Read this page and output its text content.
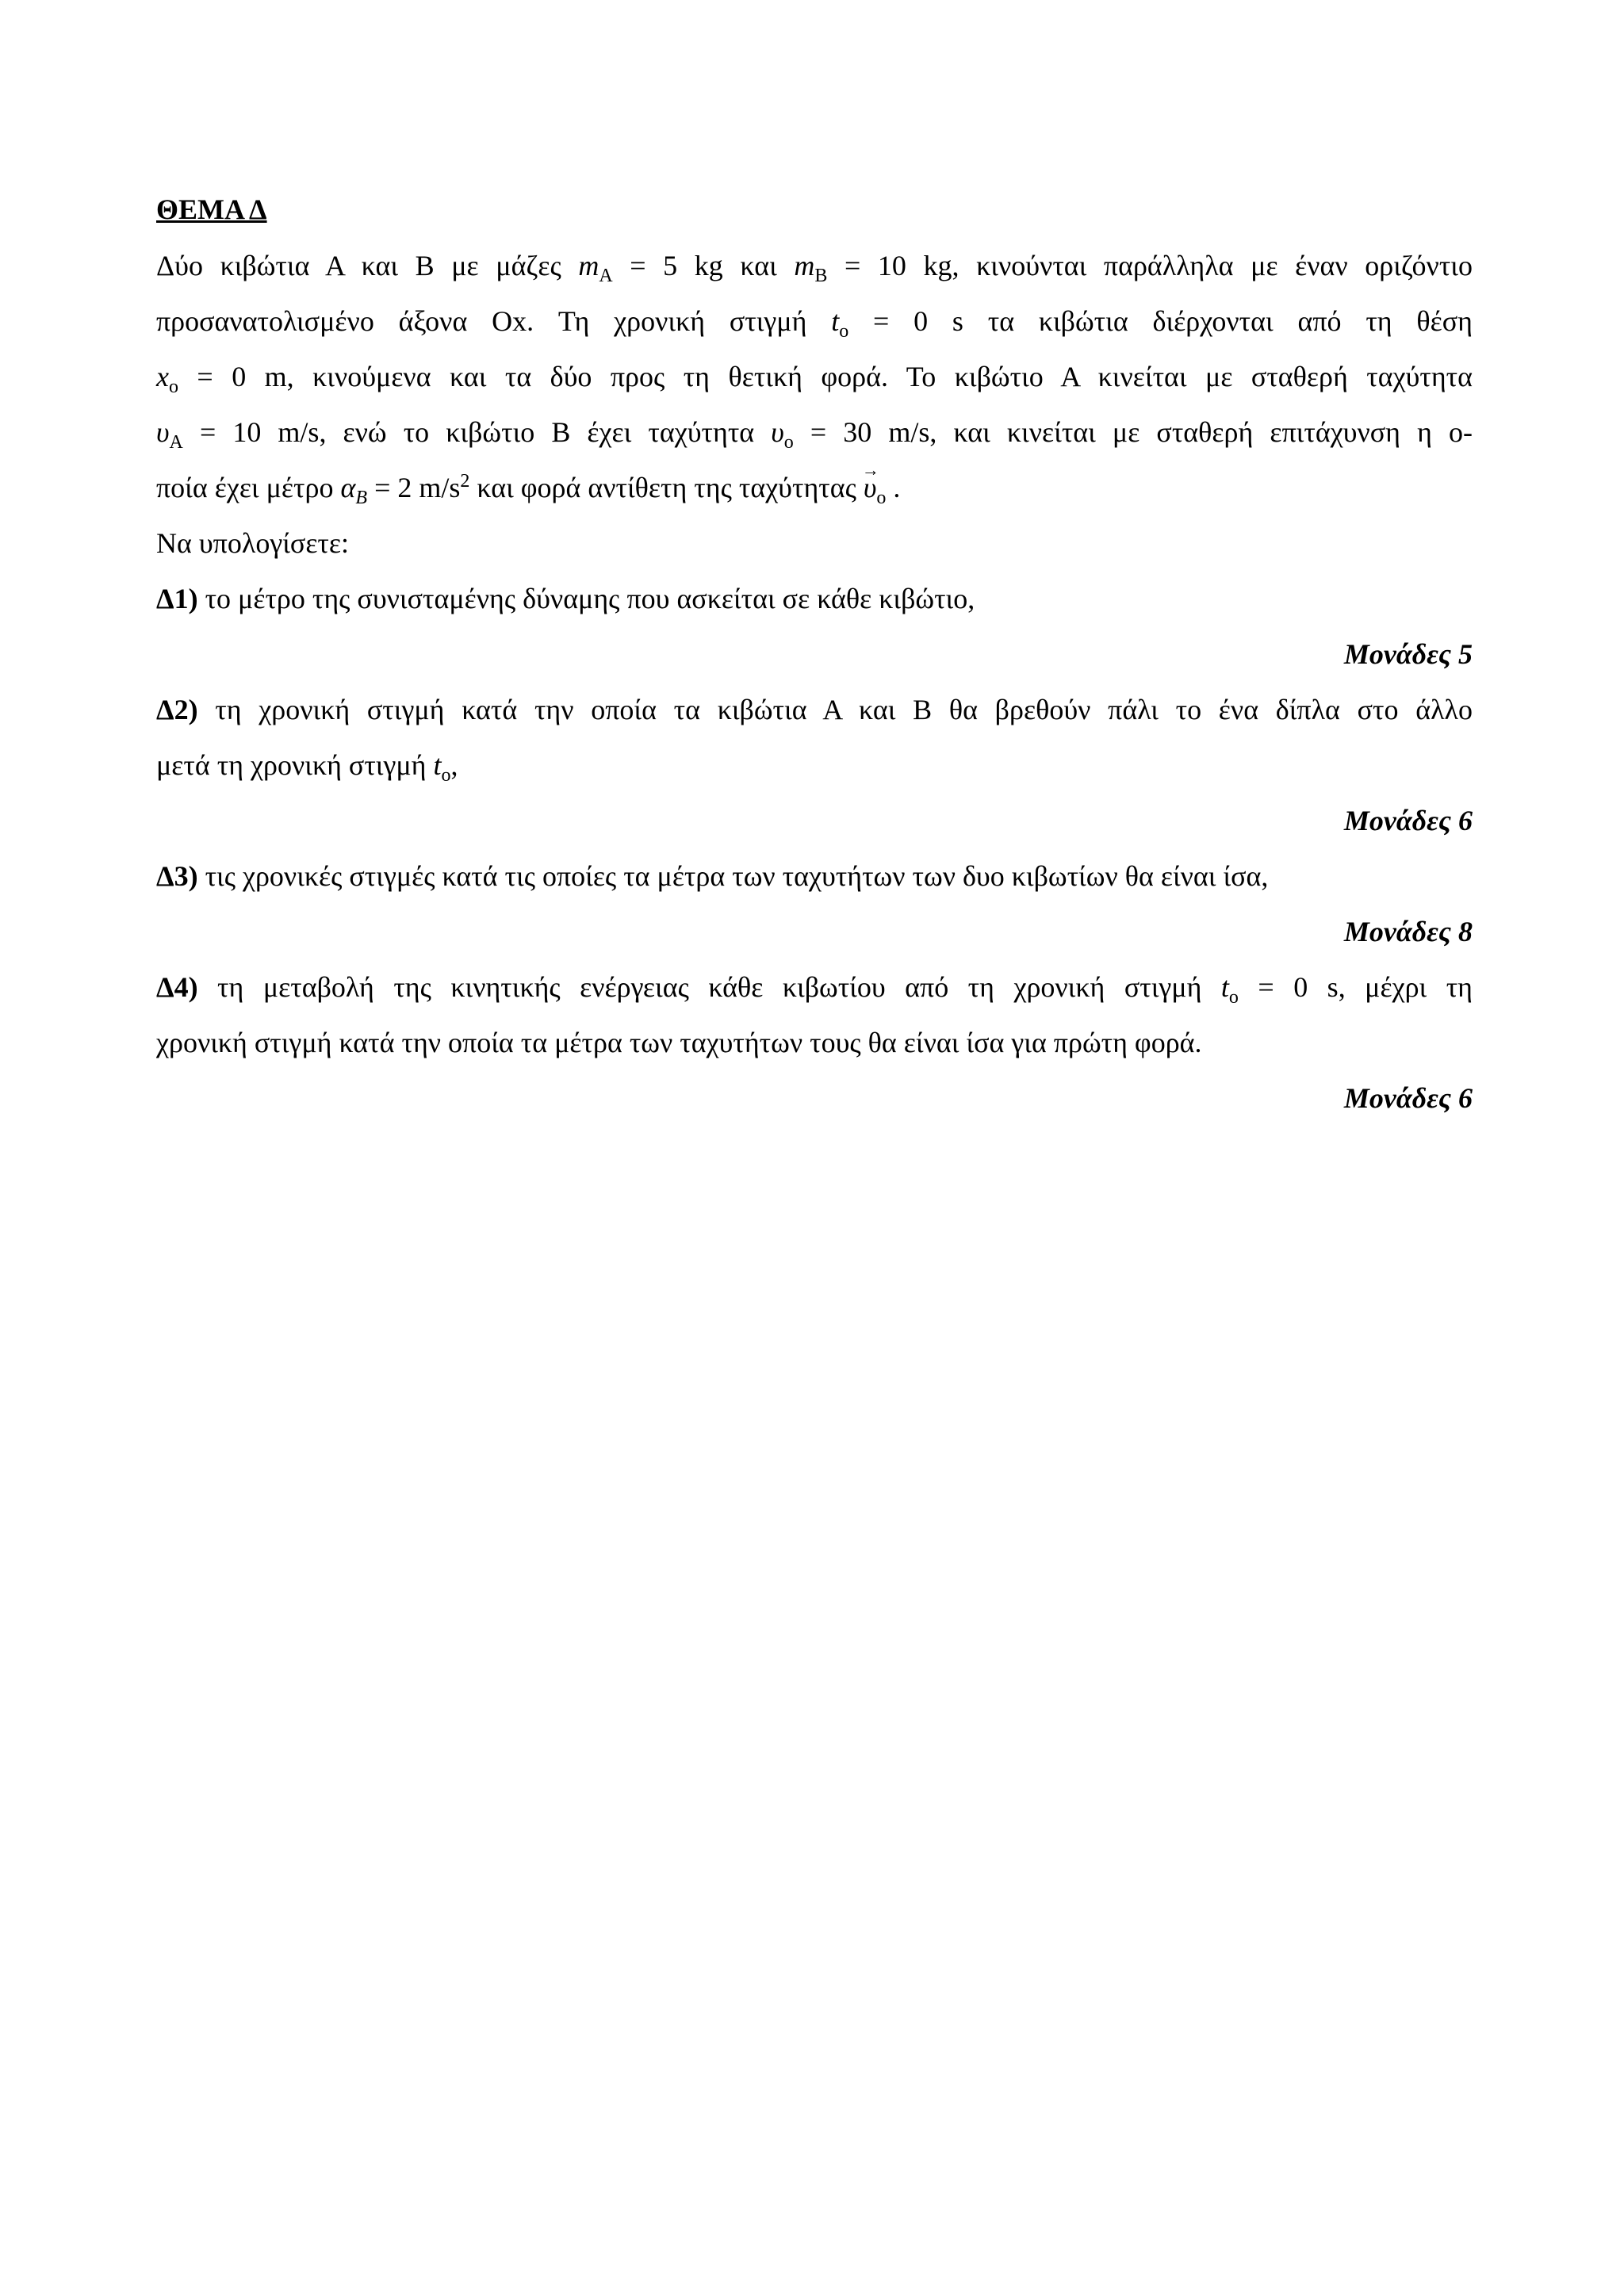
ΘΕΜΑ Δ
Δύο κιβώτια Α και Β με μάζες $m_A = 5$ kg και $m_B = 10$ kg, κινούνται παράλληλα με έναν οριζόντιο
προσανατολισμένο άξονα Οx. Τη χρονική στιγμή $t_o = 0$ s τα κιβώτια διέρχονται από τη θέση
$x_o = 0$ m, κινούμενα και τα δύο προς τη θετική φορά. Το κιβώτιο Α κινείται με σταθερή ταχύτητα
$\upsilon_A = 10$ m/s, ενώ το κιβώτιο Β έχει ταχύτητα $\upsilon_o = 30$ m/s, και κινείται με σταθερή επιτάχυνση η ο-
ποία έχει μέτρο $\alpha_B = 2$ $m/s^2$ και φορά αντίθετη της $\tau\alpha\chi ύ\tau\eta\tau\alpha\varsigma \to \upsilon_o$ .
Να υπολογίσετε:
Δ1) το μέτρο της συνισταμένης δύναμης που ασκείται σε κάθε κιβώτιο,
Μονάδες 5
Δ2) τη χρονική στιγμή κατά την οποία τα κιβώτια Α και Β θα βρεθούν πάλι το ένα δίπλα στο άλλο
μετά τη χρονική στιγμή $t_o$,
Μονάδες 6
Δ3) τις χρονικές στιγμές κατά τις οποίες τα μέτρα των ταχυτήτων των δυο κιβωτίων θα είναι ίσα,
Μονάδες 8
Δ4) τη μεταβολή της κινητικής ενέργειας κάθε κιβωτίου από τη χρονική στιγμή $t_o = 0$ s, μέχρι τη
χρονική στιγμή κατά την οποία τα μέτρα των ταχυτήτων τους θα είναι ίσα για πρώτη φορά.
Μονάδες 6
